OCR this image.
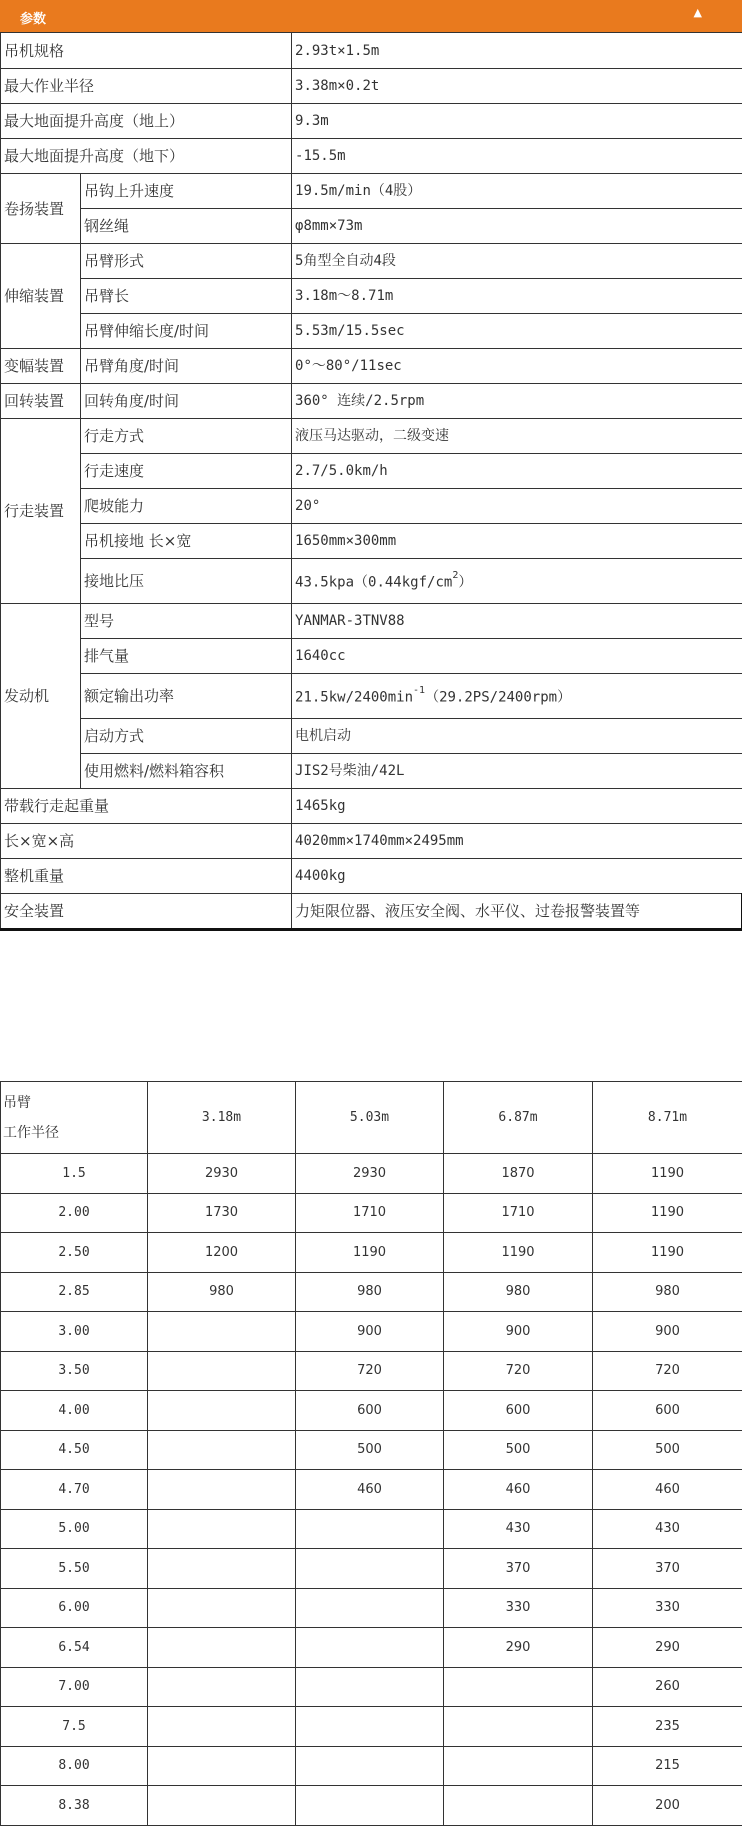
参数	▲
吊机规格		2.93t×1.5m
最大作业半径		3.38m×0.2t
最大地面提升高度（地上）		9.3m
最大地面提升高度（地下）		-15.5m
卷扬装置	吊钩上升速度	19.5m/min（4股）
	钢丝绳	φ8mm×73m
伸缩装置	吊臂形式	5角型全自动4段
	吊臂长	3.18m～8.71m
	吊臂伸缩长度/时间	5.53m/15.5sec
变幅装置	吊臂角度/时间	0°～80°/11sec
回转装置	回转角度/时间	360° 连续/2.5rpm
行走装置	行走方式	液压马达驱动，二级变速
	行走速度	2.7/5.0km/h
	爬坡能力	20°
	吊机接地 长×宽	1650mm×300mm
	接地比压	$43.5kpa(0.44kgf/cm^2)$
发动机	型号	YANMAR-3TNV88
	排气量	1640cc
	额定输出功率	$21.5kw/2400\min^{-1}(29.2PS/2400rpm)$
	启动方式	电机启动
	使用燃料/燃料箱容积	JIS2号柴油/42L
带载行走起重量		1465kg
长×宽×高		4020mm×1740mm×2495mm
整机重量		4400kg
安全装置		力矩限位器、液压安全阀、水平仪、过卷报警装置等
吊臂
工作半径	3.18m	5.03m	6.87m	8.71m
1.5	2930	2930	1870	1190
2.00	1730	1710	1710	1190
2.50	1200	1190	1190	1190
2.85	980	980	980	980
3.00		900	900	900
3.50		720	720	720
4.00		600	600	600
4.50		500	500	500
4.70		460	460	460
5.00			430	430
5.50			370	370
6.00			330	330
6.54			290	290
7.00				260
7.5				235
8.00				215
8.38				200
